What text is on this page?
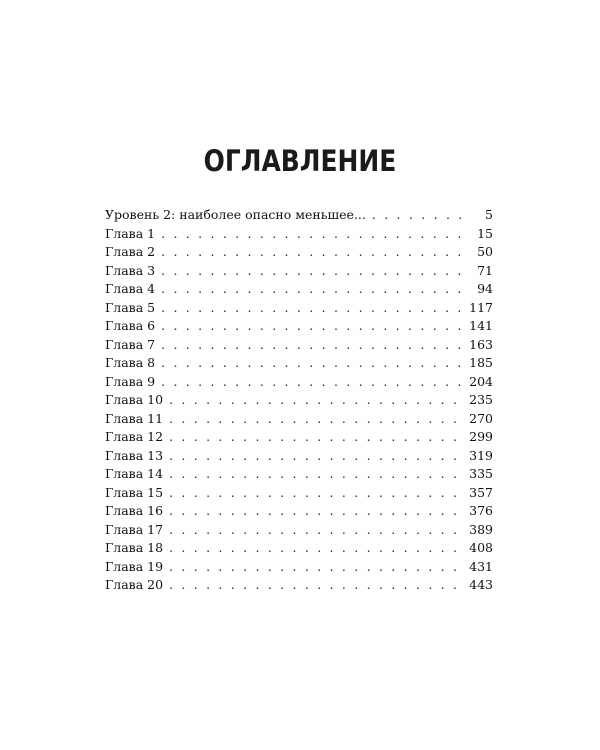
ОГЛАВЛЕНИЕ
Уровень 2: наиболее опасно меньшее... . . .	5
Глава 1 . . .	15
Глава 2 . . .	50
Глава 3 . . .	71
Глава 4 . . .	94
Глава 5 . . .	117
Глава 6 . . .	141
Глава 7 . . .	163
Глава 8 . . .	185
Глава 9 . . .	204
Глава 10 . . .	235
Глава 11 . . .	270
Глава 12 . . .	299
Глава 13 . . .	319
Глава 14 . . .	335
Глава 15 . . .	357
Глава 16 . . .	376
Глава 17 . . .	389
Глава 18 . . .	408
Глава 19 . . .	431
Глава 20 . . .	443
